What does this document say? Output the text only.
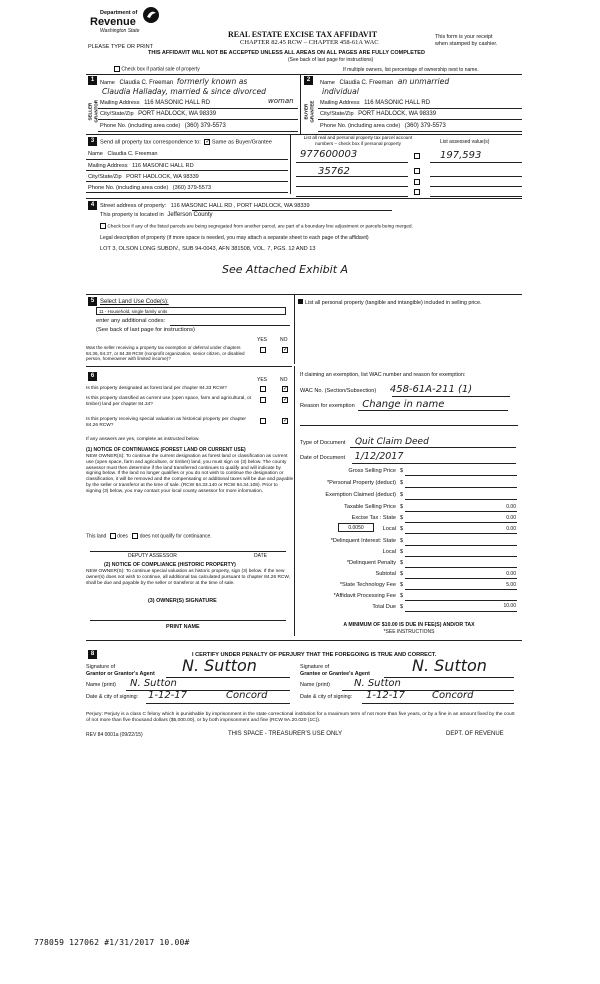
Department of
Revenue
Washington State	REAL ESTATE EXCISE TAX AFFIDAVIT
CHAPTER 82.45 RCW – CHAPTER 458-61A WAC
PLEASE TYPE OR PRINT
This form is your receipt
when stamped by cashier.
THIS AFFIDAVIT WILL NOT BE ACCEPTED UNLESS ALL AREAS ON ALL PAGES ARE FULLY COMPLETED
(See back of last page for instructions)
Check box if partial sale of property	If multiple owners, list percentage of ownership next to name.
1
SELLER GRANTOR
Name Claudia C. Freeman formerly known as
Claudia Halladay, married & since divorced
woman
Mailing Address 116 MASONIC HALL RD
City/State/Zip PORT HADLOCK, WA 98339
Phone No. (including area code) (360) 379-5573
2
BUYER GRANTEE
Name Claudia C. Freeman an unmarried
individual
Mailing Address 116 MASONIC HALL RD
City/State/Zip PORT HADLOCK, WA 98339
Phone No. (including area code) (360) 379-5573
3	Send all property tax correspondence to: ✓ Same as Buyer/Grantee
Name Claudia C. Freeman
Mailing Address 116 MASONIC HALL RD
City/State/Zip PORT HADLOCK, WA 98339
Phone No. (including area code) (360) 379-5573
List all real and personal property tax parcel account
numbers – check box if personal property	List assessed value(s)
977600003	197,593
35762
4	Street address of property: 116 MASONIC HALL RD , PORT HADLOCK, WA 98339
This property is located in Jefferson County
Check box if any of the listed parcels are being segregated from another parcel, are part of a boundary line adjustment or parcels being merged.
Legal description of property (if more space is needed, you may attach a separate sheet to each page of the affidavit)
LOT 3, OLSON LONG SUBDIV., SUB 94-0043, AFN 381508, VOL. 7, PGS. 12 AND 13
See Attached Exhibit A
5 Select Land Use Code(s):
11 - Household, single family units
enter any additional codes:
(See back of last page for instructions)
YES	NO
Was the seller receiving a property tax exemption or deferral under chapters 84.36, 84.37, or 84.38 RCW (nonprofit organization, senior citizen, or disabled person, homeowner with limited income)?
✓
List all personal property (tangible and intangible) included in selling price.
6
YES	NO
Is this property designated as forest land per chapter 84.33 RCW?
✓
Is this property classified as current use (open space, farm and agricultural, or timber) land per chapter 84.34?
✓
Is this property receiving special valuation as historical property per chapter 84.26 RCW?
✓
If any answers are yes, complete as instructed below.
(1) NOTICE OF CONTINUANCE (FOREST LAND OR CURRENT USE)
NEW OWNER(S): To continue the current designation as forest land or classification as current use (open space, farm and agriculture, or timber) land, you must sign on (3) below. The county assessor must then determine if the land transferred continues to qualify and will indicate by signing below. If the land no longer qualifies or you do not wish to continue the designation or classification, it will be removed and the compensating or additional taxes will be due and payable by the seller or transferor at the time of sale. (RCW 84.33.140 or RCW 84.34.108). Prior to signing (3) below, you may contact your local county assessor for more information.
This land does does not qualify for continuance.
DEPUTY ASSESSOR	DATE
(2) NOTICE OF COMPLIANCE (HISTORIC PROPERTY)
NEW OWNER(S): To continue special valuation as historic property, sign (3) below. If the new owner(s) does not wish to continue, all additional tax calculated pursuant to chapter 84.26 RCW, shall be due and payable by the seller or transferor at the time of sale.
(3) OWNER(S) SIGNATURE
PRINT NAME
If claiming an exemption, list WAC number and reason for exemption:
WAC No. (Section/Subsection) 458-61A-211 (1)
Reason for exemption Change in name
Type of Document Quit Claim Deed
Date of Document 1/12/2017
Gross Selling Price $
*Personal Property (deduct) $
Exemption Claimed (deduct) $
Taxable Selling Price $	0.00
Excise Tax : State $	0.00
0.0050	Local $	0.00
*Delinquent Interest: State $
Local $
*Delinquent Penalty $
Subtotal $	0.00
*State Technology Fee $	5.00
*Affidavit Processing Fee $
Total Due $	10.00
A MINIMUM OF $10.00 IS DUE IN FEE(S) AND/OR TAX
*SEE INSTRUCTIONS
8	I CERTIFY UNDER PENALTY OF PERJURY THAT THE FOREGOING IS TRUE AND CORRECT.
Signature of
Grantor or Grantor's Agent N. Sutton
Name (print) N. Sutton
Date & city of signing: 1-12-17	Concord
Signature of
Grantee or Grantee's Agent	N. Sutton
Name (print) N. Sutton
Date & city of signing: 1-12-17	Concord
Perjury: Perjury is a class C felony which is punishable by imprisonment in the state correctional institution for a maximum term of not more than five years, or by a fine in an amount fixed by the court of not more than five thousand dollars ($5,000.00), or by both imprisonment and fine (RCW 9A.20.020 (1C)).
REV 84 0001a (09/22/15)	THIS SPACE - TREASURER'S USE ONLY	DEPT. OF REVENUE
778059 127062 #1/31/2017 10.00#
